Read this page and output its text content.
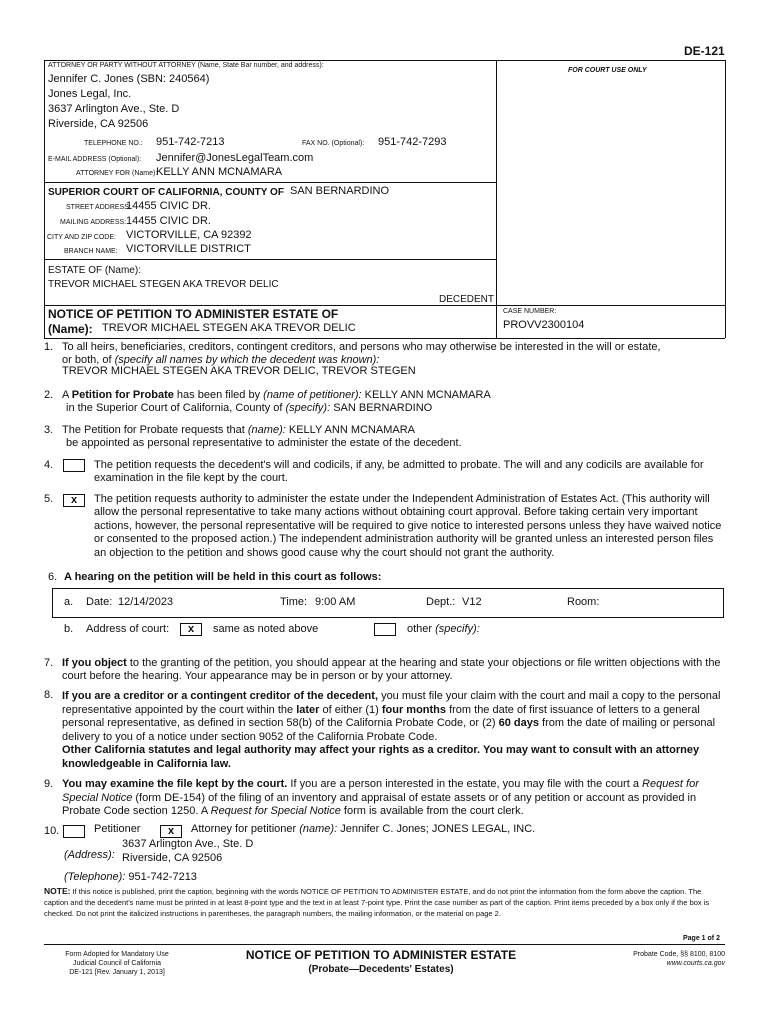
DE-121
ATTORNEY OR PARTY WITHOUT ATTORNEY (Name, State Bar number, and address):
FOR COURT USE ONLY
Jennifer C. Jones (SBN: 240564)
Jones Legal, Inc.
3637 Arlington Ave., Ste. D
Riverside, CA 92506
TELEPHONE NO.: 951-742-7213	FAX NO. (Optional): 951-742-7293
E-MAIL ADDRESS (Optional): Jennifer@JonesLegalTeam.com
ATTORNEY FOR (Name):
KELLY ANN MCNAMARA
SUPERIOR COURT OF CALIFORNIA, COUNTY OF SAN BERNARDINO
STREET ADDRESS:
14455 CIVIC DR.
MAILING ADDRESS: 14455 CIVIC DR.
CITY AND ZIP CODE: VICTORVILLE, CA 92392
BRANCH NAME: VICTORVILLE DISTRICT
ESTATE OF (Name):
TREVOR MICHAEL STEGEN AKA TREVOR DELIC
DECEDENT
NOTICE OF PETITION TO ADMINISTER ESTATE OF
(Name): TREVOR MICHAEL STEGEN AKA TREVOR DELIC
CASE NUMBER:
PROVV2300104
1. To all heirs, beneficiaries, creditors, contingent creditors, and persons who may otherwise be interested in the will or estate,
or both, of (specify all names by which the decedent was known):
TREVOR MICHAEL STEGEN AKA TREVOR DELIC, TREVOR STEGEN
2. A Petition for Probate has been filed by (name of petitioner): KELLY ANN MCNAMARA
in the Superior Court of California, County of (specify): SAN BERNARDINO
3. The Petition for Probate requests that (name): KELLY ANN MCNAMARA
be appointed as personal representative to administer the estate of the decedent.
4.	The petition requests the decedent's will and codicils, if any, be admitted to probate. The will and any codicils are available for examination in the file kept by the court.
5.	x	The petition requests authority to administer the estate under the Independent Administration of Estates Act. (This authority will allow the personal representative to take many actions without obtaining court approval. Before taking certain very important actions, however, the personal representative will be required to give notice to interested persons unless they have waived notice or consented to the proposed action.) The independent administration authority will be granted unless an interested person files an objection to the petition and shows good cause why the court should not grant the authority.
6. A hearing on the petition will be held in this court as follows:
a. Date: 12/14/2023	Time: 9:00 AM	Dept.: V12	Room:
b. Address of court:	x	same as noted above	other (specify):
7. If you object to the granting of the petition, you should appear at the hearing and state your objections or file written objections with the court before the hearing. Your appearance may be in person or by your attorney.
8. If you are a creditor or a contingent creditor of the decedent, you must file your claim with the court and mail a copy to the personal representative appointed by the court within the later of either (1) four months from the date of first issuance of letters to a general personal representative, as defined in section 58(b) of the California Probate Code, or (2) 60 days from the date of mailing or personal delivery to you of a notice under section 9052 of the California Probate Code.
Other California statutes and legal authority may affect your rights as a creditor. You may want to consult with an attorney knowledgeable in California law.
9. You may examine the file kept by the court. If you are a person interested in the estate, you may file with the court a Request for Special Notice (form DE-154) of the filing of an inventory and appraisal of estate assets or of any petition or account as provided in Probate Code section 1250. A Request for Special Notice form is available from the court clerk.
10.	Petitioner	x	Attorney for petitioner (name): Jennifer C. Jones; JONES LEGAL, INC.
(Address):
3637 Arlington Ave., Ste. D
Riverside, CA 92506
(Telephone): 951-742-7213
NOTE: If this notice is published, print the caption, beginning with the words NOTICE OF PETITION TO ADMINISTER ESTATE, and do not print the information from the form above the caption. The caption and the decedent's name must be printed in at least 8-point type and the text in at least 7-point type. Print the case number as part of the caption. Print items preceded by a box only if the box is checked. Do not print the italicized instructions in parentheses, the paragraph numbers, the mailing information, or the material on page 2.
Page 1 of 2
Form Adopted for Mandatory Use
Judicial Council of California
DE-121 [Rev. January 1, 2013]
NOTICE OF PETITION TO ADMINISTER ESTATE
(Probate—Decedents' Estates)
Probate Code, §§ 8100, 8100
www.courts.ca.gov
